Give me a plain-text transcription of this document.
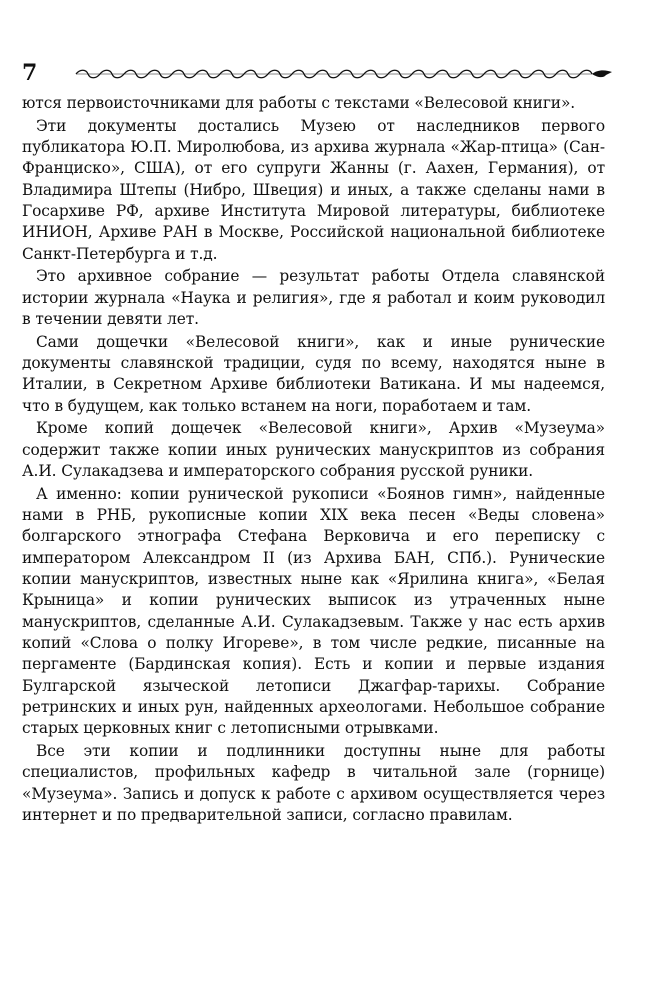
7

ются первоисточниками для работы с текстами «Велесовой книги».

Эти документы достались Музею от наследников первого публикатора Ю.П. Миролюбова, из архива журнала «Жар-птица» (Сан-Франциско», США), от его супруги Жанны (г. Аахен, Германия), от Владимира Штепы (Нибро, Швеция) и иных, а также сделаны нами в Госархиве РФ, архиве Института Мировой литературы, библиотеке ИНИОН, Архиве РАН в Москве, Российской национальной библиотеке Санкт-Петербурга и т.д.

Это архивное собрание — результат работы Отдела славянской истории журнала «Наука и религия», где я работал и коим руководил в течении девяти лет.

Сами дощечки «Велесовой книги», как и иные рунические документы славянской традиции, судя по всему, находятся ныне в Италии, в Секретном Архиве библиотеки Ватикана. И мы надеемся, что в будущем, как только встанем на ноги, поработаем и там.

Кроме копий дощечек «Велесовой книги», Архив «Музеума» содержит также копии иных рунических манускриптов из собрания А.И. Сулакадзева и императорского собрания русской руники.

А именно: копии рунической рукописи «Боянов гимн», найденные нами в РНБ, рукописные копии XIX века песен «Веды словена» болгарского этнографа Стефана Верковича и его переписку с императором Александром II (из Архива БАН, СПб.). Рунические копии манускриптов, известных ныне как «Ярилина книга», «Белая Крыница» и копии рунических выписок из утраченных ныне манускриптов, сделанные А.И. Сулакадзевым. Также у нас есть архив копий «Слова о полку Игореве», в том числе редкие, писанные на пергаменте (Бардинская копия). Есть и копии и первые издания Булгарской языческой летописи Джагфар-тарихы. Собрание ретринских и иных рун, найденных археологами. Небольшое собрание старых церковных книг с летописными отрывками.

Все эти копии и подлинники доступны ныне для работы специалистов, профильных кафедр в читальной зале (горнице) «Музеума». Запись и допуск к работе с архивом осуществляется через интернет и по предварительной записи, согласно правилам.
